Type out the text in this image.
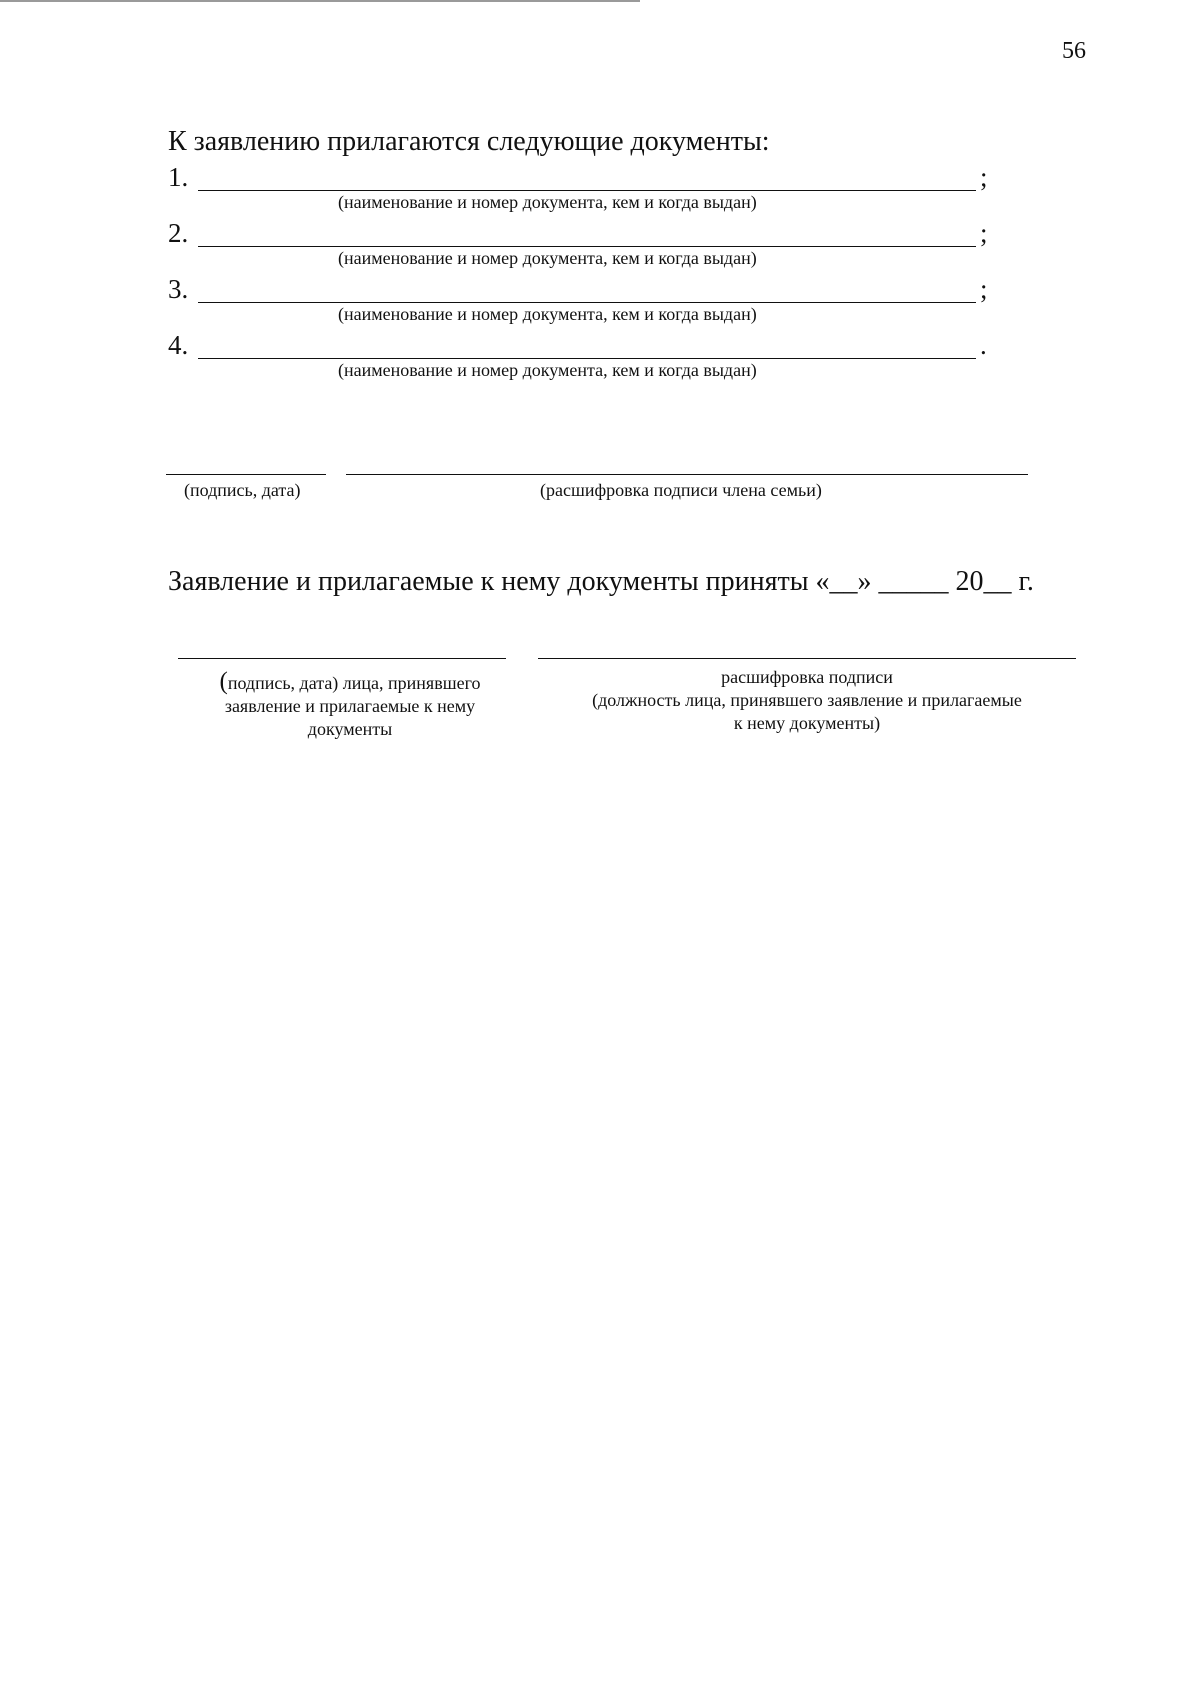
56
К заявлению прилагаются следующие документы:
1.	;
(наименование и номер документа, кем и когда выдан)
2.	;
(наименование и номер документа, кем и когда выдан)
3.	;
(наименование и номер документа, кем и когда выдан)
4.	.
(наименование и номер документа, кем и когда выдан)
(подпись, дата)	(расшифровка подписи члена семьи)
Заявление и прилагаемые к нему документы приняты «__» _____ 20__ г.
(подпись, дата) лица, принявшего
заявление и прилагаемые к нему
документы
расшифровка подписи
(должность лица, принявшего заявление и прилагаемые
к нему документы)
